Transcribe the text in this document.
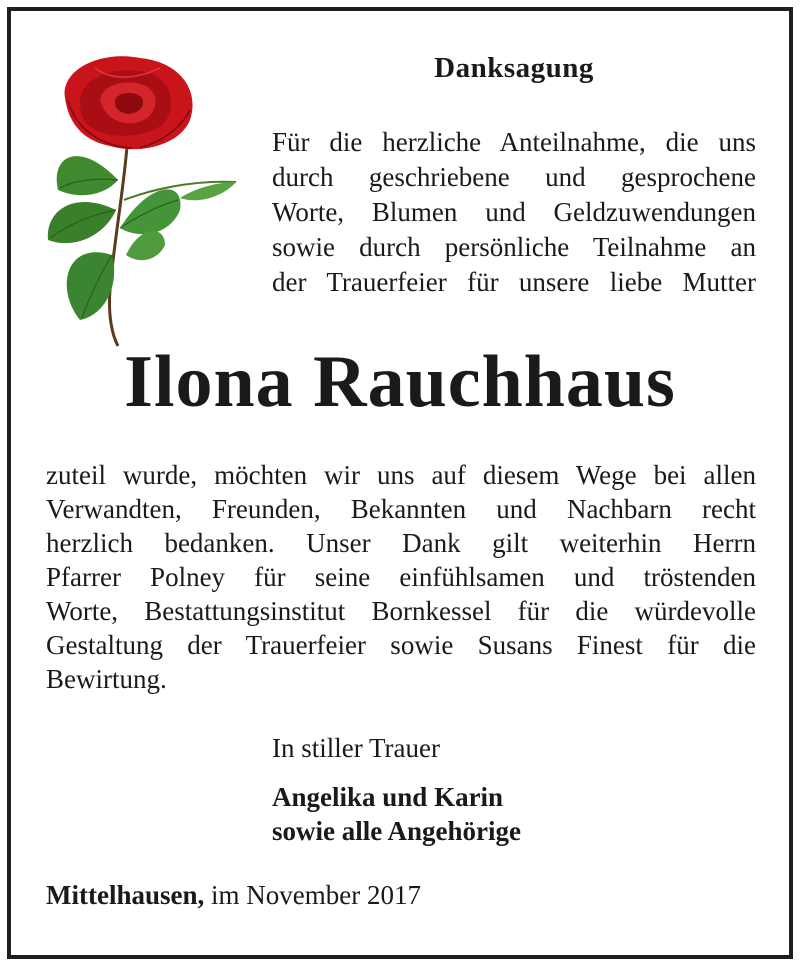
Danksagung
Für die herzliche Anteilnahme, die uns
durch geschriebene und gesprochene
Worte, Blumen und Geldzuwendungen
sowie durch persönliche Teilnahme an
der Trauerfeier für unsere liebe Mutter
Ilona Rauchhaus
zuteil wurde, möchten wir uns auf diesem Wege bei allen
Verwandten, Freunden, Bekannten und Nachbarn recht
herzlich bedanken. Unser Dank gilt weiterhin Herrn
Pfarrer Polney für seine einfühlsamen und tröstenden
Worte, Bestattungsinstitut Bornkessel für die würdevolle
Gestaltung der Trauerfeier sowie Susans Finest für die
Bewirtung.
In stiller Trauer
Angelika und Karin
sowie alle Angehörige
Mittelhausen, im November 2017
